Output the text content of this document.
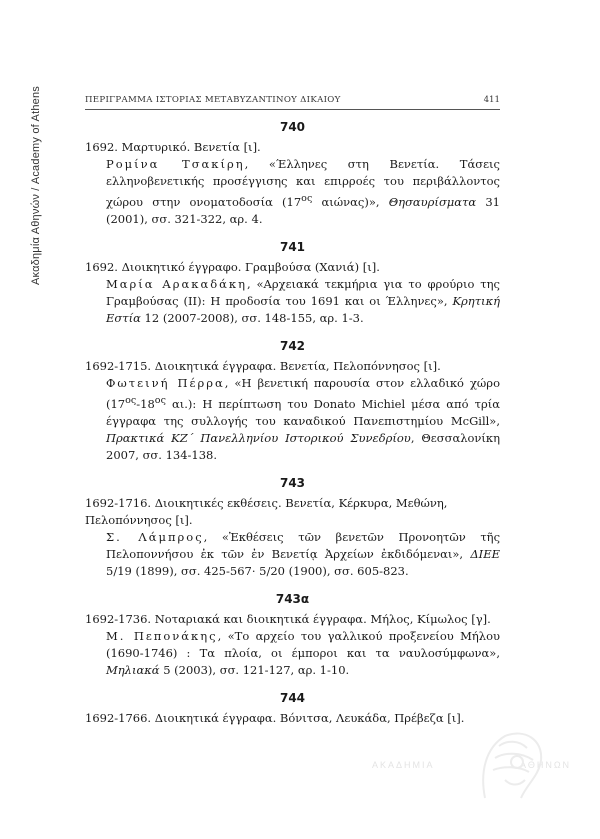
Ακαδημία Αθηνών / Academy of Athens	ΠΕΡΙΓΡΑΜΜΑ ΙΣΤΟΡΙΑΣ ΜΕΤΑΒΥΖΑΝΤΙΝΟΥ ΔΙΚΑΙΟΥ	411
740
1692. Μαρτυρικό. Βενετία [ι].
Ρομίνα Τσακίρη, «Έλληνες στη Βενετία. Τάσεις ελληνοβενετικής προσέγγισης και επιρροές του περιβάλλοντος χώρου στην ονοματοδοσία ($17^{o\varsigma}$ αιώνας)», Θησαυρίσματα 31 (2001), σσ. 321-322, αρ. 4.
741
1692. Διοικητικό έγγραφο. Γραμβούσα (Χανιά) [ι].
Μαρία Αρακαδάκη, «Αρχειακά τεκμήρια για το φρούριο της Γραμβούσας (ΙΙ): Η προδοσία του 1691 και οι Έλληνες», Κρητική Εστία 12 (2007-2008), σσ. 148-155, αρ. 1-3.
742
1692-1715. Διοικητικά έγγραφα. Βενετία, Πελοπόννησος [ι].
Φωτεινή Πέρρα, «Η βενετική παρουσία στον ελλαδικό χώρο ($17^{o\varsigma}-18^{o\varsigma}$ αι.): Η περίπτωση του Donato Michiel μέσα από τρία έγγραφα της συλλογής του καναδικού Πανεπιστημίου McGill», Πρακτικά ΚΖ΄ Πανελληνίου Ιστορικού Συνεδρίου, Θεσσαλονίκη 2007, σσ. 134-138.
743
1692-1716. Διοικητικές εκθέσεις. Βενετία, Κέρκυρα, Μεθώνη, Πελοπόννησος [ι].
Σ. Λάμπρος, «Ἐκθέσεις τῶν βενετῶν Προνοητῶν τῆς Πελοποννήσου ἐκ τῶν ἐν Βενετίᾳ Ἀρχείων ἐκδιδόμεναι», ΔΙΕΕ 5/19 (1899), σσ. 425-567· 5/20 (1900), σσ. 605-823.
743α
1692-1736. Νοταριακά και διοικητικά έγγραφα. Μήλος, Κίμωλος [γ].
Μ. Πεπονάκης, «Το αρχείο του γαλλικού προξενείου Μήλου (1690-1746) : Τα πλοία, οι έμποροι και τα ναυλοσύμφωνα», Μηλιακά 5 (2003), σσ. 121-127, αρ. 1-10.
744
1692-1766. Διοικητικά έγγραφα. Βόνιτσα, Λευκάδα, Πρέβεζα [ι].
ΑΚΑΔΗΜΙΑ	ΑΘΗΝΩΝ
